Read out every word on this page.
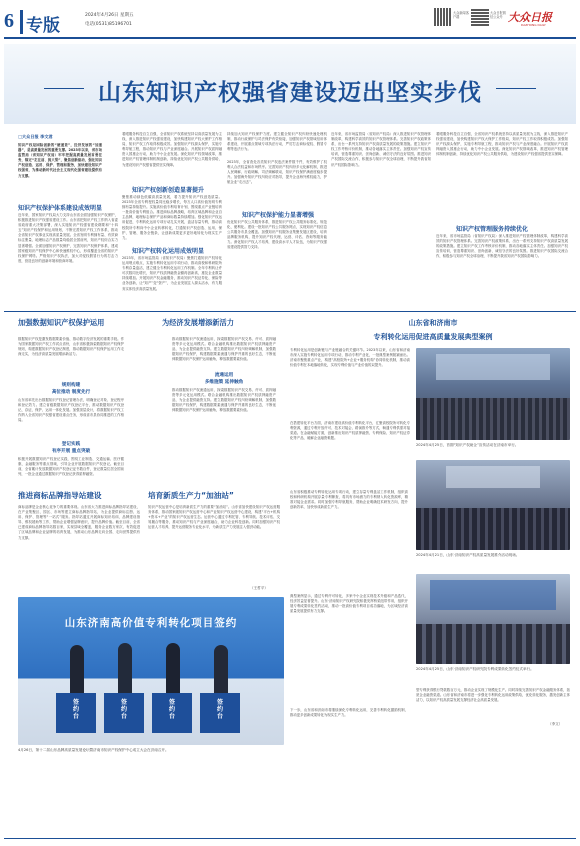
6 专版
2024年4月26日 星期五
电话(0531)85196701
大众新闻客户端
大众日报微信公众号 大众日报
DAZHONG DAILY
山东知识产权强省建设迈出坚实步伐
□大众日报 李文君
知识产权是国际创新的“硬通货”，经济发展的“加速器”，是高质量发展的重要支撑。2023年以来，省市场监管局（省知识产权局）牢牢把握高质量发展首要任务，锚定“走在前、挑大梁”，聚焦创新驱动，强化知识产权创造、运用、保护、管理和服务，加快建设知识产权强省，为推动新时代社会主义现代化强省建设提供有力支撑。
知识产权保护体系建设成效明显
近年来，国家知识产权局大力支持山东省全面加强知识产权保护，积极推进知识产权强省建设工作。山东省把知识产权工作纳入省委省政府重大决策部署，深入实施知识产权强省建设纲要和“十四五”知识产权保护和运用规划，不断完善知识产权工作体系，推动全省知识产权事业实现高质量发展。全省发明专利拥有量、有效商标注册量、地理标志产品数量均稳居全国前列，知识产权综合实力显著增强。全面加强知识产权保护，完善知识产权保护体系，建成国家级知识产权保护中心和快速维权中心，形成覆盖全省的知识产权保护网络。严格知识产权执法，加大对侵权假冒行为的打击力度，营造良好的创新环境和营商环境。
着眼服务科技自立自强，全省知识产权系统坚持以高质量发展为主线，深入推进知识产权强省建设，加快构建知识产权大保护工作格局，知识产权工作取得积极成效。加强知识产权源头保护，实施专利导航工程，推动知识产权与产业深度融合。开展知识产权质押融资入园惠企行动，助力中小企业发展。深化知识产权领域改革，推进知识产权管理体制机制创新，持续优化知识产权公共服务供给，为建设知识产权强省提供坚实保障。
知识产权创新创造显著提升
聚焦推动绿色低碳高质量发展，着力提升知识产权创造质量。2023年全省专利授权量同比稳步增长，每万人口高价值发明专利拥有量持续提升。实施高价值专利培育计划，围绕重点产业链培育一批高价值专利组合。推进商标品牌战略，培育区域品牌和企业自主品牌，地理标志保护产品和商标数量持续增加。强化知识产权运用促进，专利转化运用专项行动扎实开展，盘活存量专利，推动高校院所专利向中小企业转移转化，打通知识产权创造、运用、保护、管理、服务全链条，让创新成果更多更好地转化为现实生产力。
知识产权转化运用成效明显
2023年，省市场监管局（省知识产权局）聚焦打通知识产权转化运用堵点难点，实施专利转化运用专项行动，推动高校和科研院所专利存量盘活，建立健全专利转化运用工作机制。全年专利转让许可次数同比增长，知识产权质押融资金额再创新高，惠及企业数量持续增加。开展知识产权金融服务，推动知识产权证券化、保险等业务创新，让“知产”变“资产”，为企业发展注入源头活水，有力服务实体经济高质量发展。
持续加大知识产权保护力度。建立健全知识产权纠纷快速处理机制，推动行政保护与司法保护有效衔接，加强知识产权领域信用体系建设，开展重点领域专项执法行动，严厉打击商标侵权、假冒专利等违法行为。
2023年，全省查处各类知识产权违法案件数千件，有效维护了权利人合法权益和市场秩序。完善知识产权纠纷多元化解机制，推进人民调解、行政调解、司法调解联动，知识产权保护满意度稳步提升。加强海外知识产权纠纷应对指导，提升企业海外维权能力，护航企业“走出去”。
知识产权保护能力显著增强
优化知识产权公共服务体系，推进知识产权公共服务标准化、规范化、便利化。建设一批知识产权公共服务网点，实现知识产权信息公共服务市县全覆盖。加强知识产权服务业集聚发展区建设，培育品牌服务机构，提升知识产权代理、运营、评估、咨询等服务能力。深化知识产权人才培养，建设高水平人才队伍，为知识产权强省建设提供智力支持。
近年来，省市场监管局（省知识产权局）深入推进知识产权管理体制改革，构建科学高效的知识产权管理体系。完善知识产权政策体系，出台一系列支持知识产权高质量发展的政策措施。建立知识产权工作考核评价机制，推动各地落实主体责任。加强知识产权宣传培训，营造尊重知识、崇尚创新、诚信守法的良好氛围。推进知识产权国际交流合作，积极参与知识产权全球治理，不断提升我省知识产权国际影响力。
着眼服务科技自立自强，全省知识产权系统坚持以高质量发展为主线，深入推进知识产权强省建设，加快构建知识产权大保护工作格局，知识产权工作取得积极成效。加强知识产权源头保护，实施专利导航工程，推动知识产权与产业深度融合。开展知识产权质押融资入园惠企行动，助力中小企业发展。深化知识产权领域改革，推进知识产权管理体制机制创新，持续优化知识产权公共服务供给，为建设知识产权强省提供坚实保障。
知识产权管理服务持续优化
近年来，省市场监管局（省知识产权局）深入推进知识产权管理体制改革，构建科学高效的知识产权管理体系。完善知识产权政策体系，出台一系列支持知识产权高质量发展的政策措施。建立知识产权工作考核评价机制，推动各地落实主体责任。加强知识产权宣传培训，营造尊重知识、崇尚创新、诚信守法的良好氛围。推进知识产权国际交流合作，积极参与知识产权全球治理，不断提升我省知识产权国际影响力。
加强数据知识产权保护运用	为经济发展增添新活力
数据知识产权是激发数据要素价值、推动数字经济发展的重要手段。作为国家数据知识产权工作试点省份，山东省积极探索数据知识产权保护规则，构建数据知识产权登记制度，推动数据知识产权保护运用工作走深走实，为经济高质量发展增添新活力。
规则构建
高位推动 制度先行
山东省率先出台数据知识产权登记管理办法，明确登记对象、登记程序和登记效力。建立省级数据知识产权登记平台，推动数据知识产权登记、存证、保护、运用一体化发展。加强顶层设计，将数据知识产权工作纳入全省知识产权强省建设重点任务，形成省市县协同推进的工作格局。
登记实践
有序开展 重点突破
积极开展数据知识产权登记实践，围绕工业制造、交通运输、医疗健康、金融服务等重点领域，引导企业开展数据知识产权登记。截至目前，全省累计发放数据知识产权登记证书数百件，登记数量位居全国前列，一批企业通过数据知识产权登记获得质押融资。
推动数据知识产权流通运用，探索数据知识产权交易、许可、质押融资等多元化运用模式。联合金融机构推出数据知识产权质押融资产品，为企业提供融资支持。建立数据知识产权纠纷调解机制，加强数据知识产权保护，构建数据要素流通与保护并重的良好生态，不断延伸数据知识产权保护运用触角，释放数据要素价值。
流通运用
多维施策 延伸触角
推动数据知识产权流通运用，探索数据知识产权交易、许可、质押融资等多元化运用模式。联合金融机构推出数据知识产权质押融资产品，为企业提供融资支持。建立数据知识产权纠纷调解机制，加强数据知识产权保护，构建数据要素流通与保护并重的良好生态，不断延伸数据知识产权保护运用触角，释放数据要素价值。
山东省和济南市
专利转化运用促进高质量发展典型案例
专利转化运用是创新链与产业链融合的关键环节。2023年以来，山东省和济南市深入实施专利转化运用专项行动，推动专利产业化，一批典型案例脱颖而出。济南市聚焦重点产业，构建“高校院所+企业+服务机构”协同转化机制，推动高价值专利在本地落地转化，实现专利价值与产业价值的双提升。
在搭建转化平台方面，济南市建设高价值专利转化平台，汇聚高校院所可转化专利资源，通过专利开放许可、技术对接会、路演推介等方式，畅通专利供需对接渠道。在金融赋能方面，创新推出知识产权质押融资、专利保险、知识产权证券化等产品，破解企业融资难题。
2024年4月25日，首期“知识产权助企”宣传活动在济南市举行。
推进商标品牌指导站建设	培育新质生产力“加油站”
商标品牌是企业核心竞争力的重要体现。山东省大力推进商标品牌指导站建设，在产业集聚区、园区、市场等建立商标品牌指导站，为企业提供商标注册、运用、保护、管理等“一站式”服务。指导站通过开展商标知识培训、品牌建设指导、维权援助等工作，帮助企业增强品牌意识，提升品牌价值。截至目前，全省已建成商标品牌指导站数百家，实现县域全覆盖，服务企业数万家次，有效促进了区域品牌和企业品牌的培育发展，为推动山东品牌走向全国、走向世界提供有力支撑。
知识产权运营中心是培育新质生产力的重要“加油站”。山东省加快建设知识产权运营服务体系，推动国家级知识产权运营中心和产业知识产权运营中心建设，构建“平台+机构+资本+产业”的知识产权运营生态。运营中心通过专利托管、专利导航、技术评估、交易撮合等服务，推动知识产权与产业深度融合，助力企业科技创新。同时加强知识产权运营人才培养，提升运营服务专业化水平，为新质生产力发展注入强劲动能。
（王哲平）
山东省积极推动专利转化运用专项行动，建立存量专利盘活工作机制，组织高校和科研机构开展存量专利筛查，将具有市场潜力的专利纳入转化资源库，精准对接企业需求。同时加强专利导航服务，帮助企业明确技术研发方向，提升创新效率，加快形成新质生产力。
典型案例显示，通过专利许可转化，多家中小企业实现技术升级和产品迭代，经济效益显著提升。山东·济南知识产权研究院积极发挥桥梁纽带作用，组织开展专利成果转化签约活动，推动一批高价值专利项目成功落地，为区域经济高质量发展提供有力支撑。
下一步，山东省和济南市将继续深化专利转化运用，完善专利转化激励机制，推动更多创新成果转化为现实生产力。
2024年4月21日，山东·济南知识产权高质量发展推介活动现场。
2024年4月25日，山东·济南知识产权研究院专利成果转化签约仪式举行。
型专利获得银行贷款数百万元，推动企业实现了规模化生产。同时持续完善知识产权金融服务体系，拓宽企业融资渠道。山东省和济南市将进一步强化专利转化运用政策供给，优化转化服务，激发创新主体活力，以知识产权高质量发展支撑经济社会高质量发展。
（李文）
山东济南高价值专利转化项目签约
签约台
签约台
签约台
签约台
4月26日，第十二届山东品牌高质量发展论坛暨济南市知识产权保护中心成立大会在济南召开。
